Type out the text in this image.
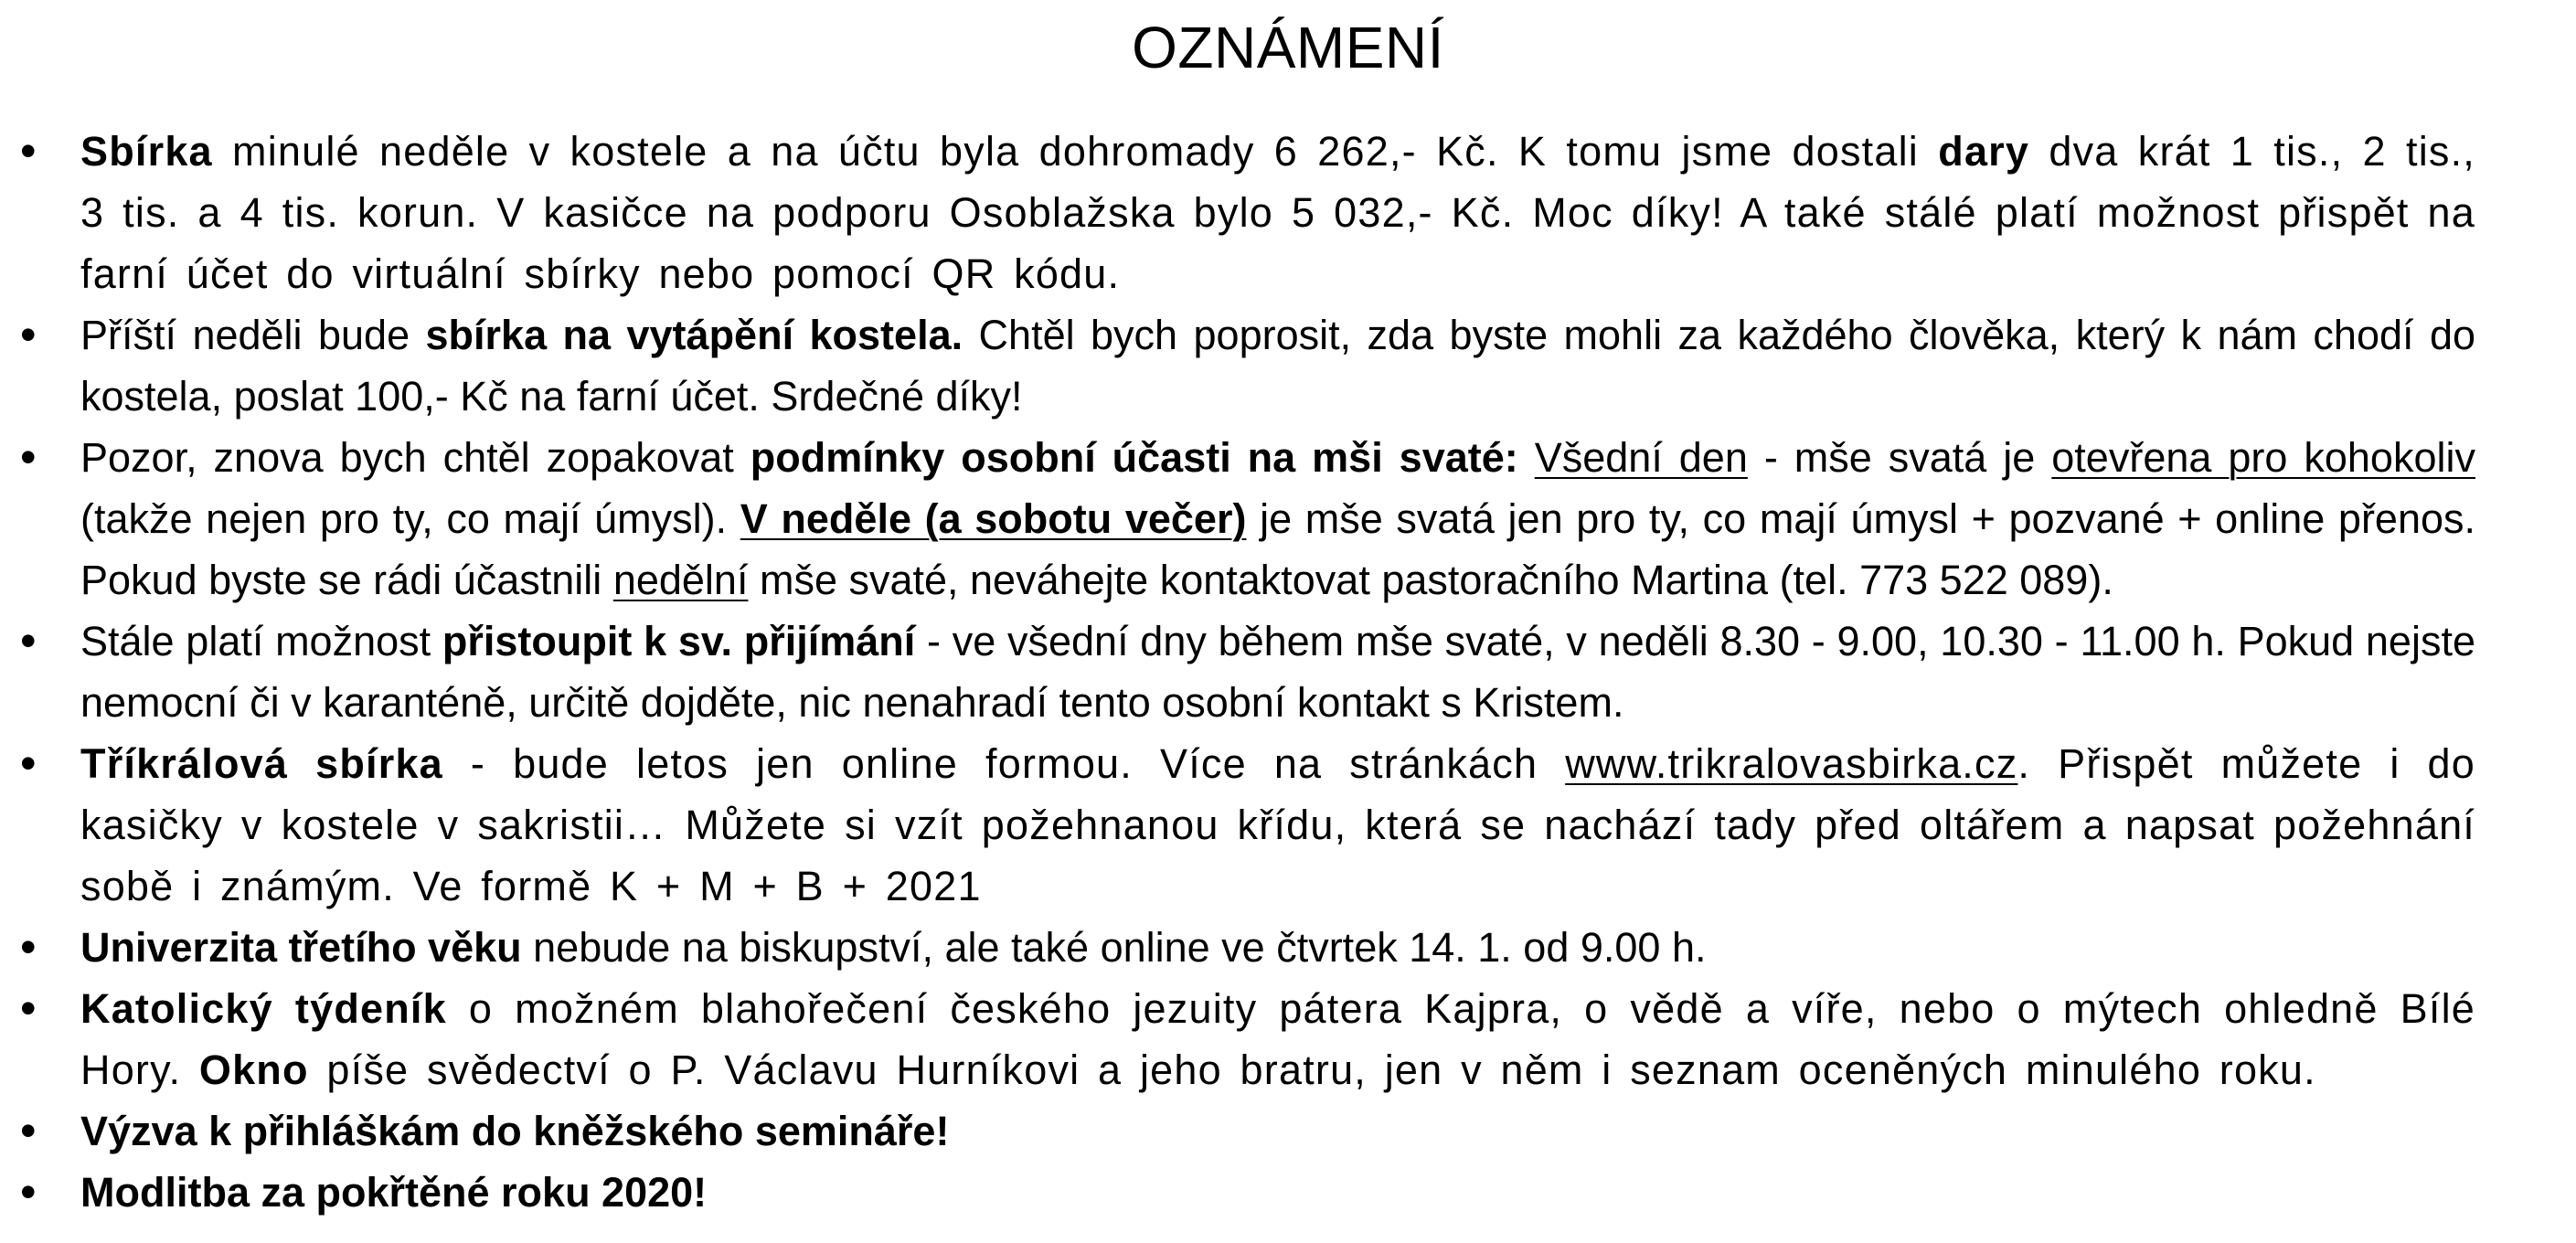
OZNÁMENÍ
• Sbírka minulé neděle v kostele a na účtu byla dohromady 6 262,- Kč. K tomu jsme dostali dary dva krát 1 tis., 2 tis., 3 tis. a 4 tis. korun. V kasičce na podporu Osoblažska bylo 5 032,- Kč. Moc díky! A také stálé platí možnost přispět na farní účet do virtuální sbírky nebo pomocí QR kódu.
• Příští neděli bude sbírka na vytápění kostela. Chtěl bych poprosit, zda byste mohli za každého člověka, který k nám chodí do kostela, poslat 100,- Kč na farní účet. Srdečné díky!
• Pozor, znova bych chtěl zopakovat podmínky osobní účasti na mši svaté: Všední den - mše svatá je otevřena pro kohokoliv (takže nejen pro ty, co mají úmysl). V neděle (a sobotu večer) je mše svatá jen pro ty, co mají úmysl + pozvané + online přenos. Pokud byste se rádi účastnili nedělní mše svaté, neváhejte kontaktovat pastoračního Martina (tel. 773 522 089).
• Stále platí možnost přistoupit k sv. přijímání - ve všední dny během mše svaté, v neděli 8.30 - 9.00, 10.30 - 11.00 h. Pokud nejste nemocní či v karanténě, určitě dojděte, nic nenahradí tento osobní kontakt s Kristem.
• Tříkrálová sbírka - bude letos jen online formou. Více na stránkách www.trikralovasbirka.cz. Přispět můžete i do kasičky v kostele v sakristii… Můžete si vzít požehnanou křídu, která se nachází tady před oltářem a napsat požehnání sobě i známým. Ve formě K + M + B + 2021
• Univerzita třetího věku nebude na biskupství, ale také online ve čtvrtek 14. 1. od 9.00 h.
• Katolický týdeník o možném blahořečení českého jezuity pátera Kajpra, o vědě a víře, nebo o mýtech ohledně Bílé Hory. Okno píše svědectví o P. Václavu Hurníkovi a jeho bratru, jen v něm i seznam oceněných minulého roku.
• Výzva k přihláškám do kněžského semináře!
• Modlitba za pokřtěné roku 2020!
